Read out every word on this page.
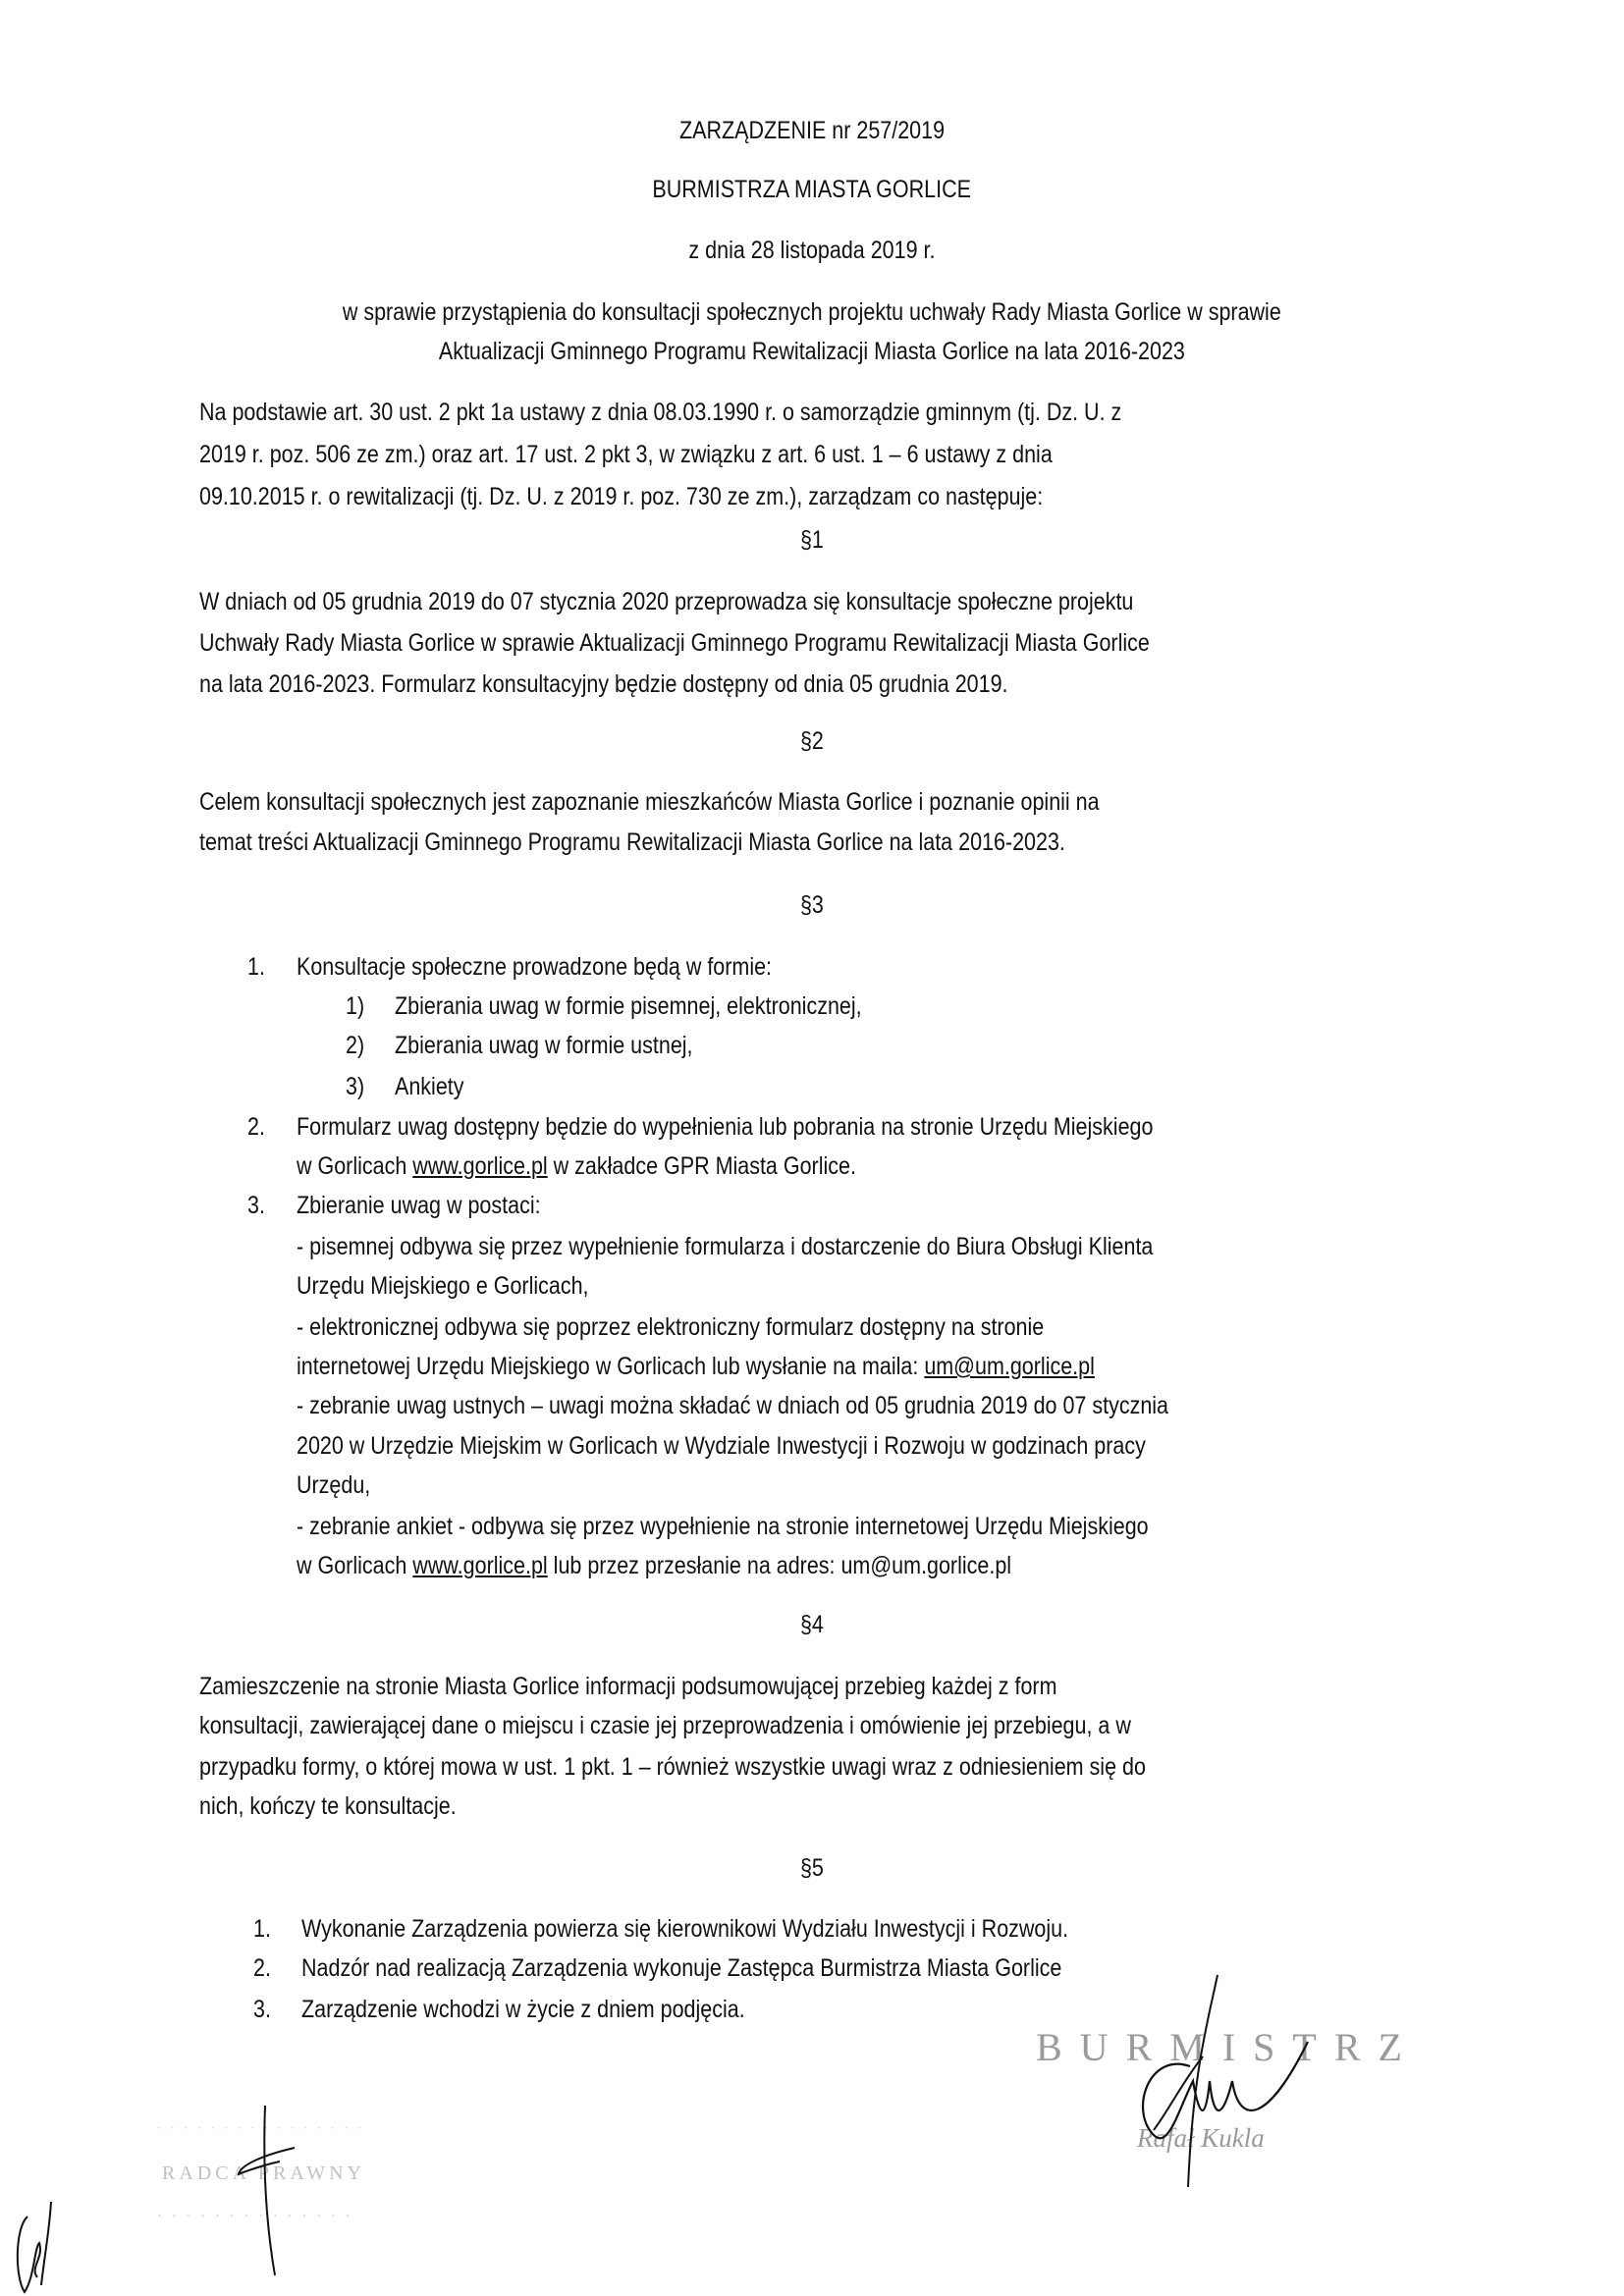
ZARZĄDZENIE nr 257/2019
BURMISTRZA MIASTA GORLICE
z dnia 28 listopada 2019 r.
w sprawie przystąpienia do konsultacji społecznych projektu uchwały Rady Miasta Gorlice w sprawie
Aktualizacji Gminnego Programu Rewitalizacji Miasta Gorlice na lata 2016-2023
Na podstawie art. 30 ust. 2 pkt 1a ustawy z dnia 08.03.1990 r. o samorządzie gminnym (tj. Dz. U. z
2019 r. poz. 506 ze zm.) oraz art. 17 ust. 2 pkt 3, w związku z art. 6 ust. 1 – 6 ustawy z dnia
09.10.2015 r. o rewitalizacji (tj. Dz. U. z 2019 r. poz. 730 ze zm.), zarządzam co następuje:
§1
W dniach od 05 grudnia 2019 do 07 stycznia 2020 przeprowadza się konsultacje społeczne projektu
Uchwały Rady Miasta Gorlice w sprawie Aktualizacji Gminnego Programu Rewitalizacji Miasta Gorlice
na lata 2016-2023. Formularz konsultacyjny będzie dostępny od dnia 05 grudnia 2019.
§2
Celem konsultacji społecznych jest zapoznanie mieszkańców Miasta Gorlice i poznanie opinii na
temat treści Aktualizacji Gminnego Programu Rewitalizacji Miasta Gorlice na lata 2016-2023.
§3
1. Konsultacje społeczne prowadzone będą w formie:
1) Zbierania uwag w formie pisemnej, elektronicznej,
2) Zbierania uwag w formie ustnej,
3) Ankiety
2. Formularz uwag dostępny będzie do wypełnienia lub pobrania na stronie Urzędu Miejskiego
w Gorlicach www.gorlice.pl w zakładce GPR Miasta Gorlice.
3. Zbieranie uwag w postaci:
- pisemnej odbywa się przez wypełnienie formularza i dostarczenie do Biura Obsługi Klienta
Urzędu Miejskiego e Gorlicach,
- elektronicznej odbywa się poprzez elektroniczny formularz dostępny na stronie
internetowej Urzędu Miejskiego w Gorlicach lub wysłanie na maila: um@um.gorlice.pl
- zebranie uwag ustnych – uwagi można składać w dniach od 05 grudnia 2019 do 07 stycznia
2020 w Urzędzie Miejskim w Gorlicach w Wydziale Inwestycji i Rozwoju w godzinach pracy
Urzędu,
- zebranie ankiet - odbywa się przez wypełnienie na stronie internetowej Urzędu Miejskiego
w Gorlicach www.gorlice.pl lub przez przesłanie na adres: um@um.gorlice.pl
§4
Zamieszczenie na stronie Miasta Gorlice informacji podsumowującej przebieg każdej z form
konsultacji, zawierającej dane o miejscu i czasie jej przeprowadzenia i omówienie jej przebiegu, a w
przypadku formy, o której mowa w ust. 1 pkt. 1 – również wszystkie uwagi wraz z odniesieniem się do
nich, kończy te konsultacje.
§5
1. Wykonanie Zarządzenia powierza się kierownikowi Wydziału Inwestycji i Rozwoju.
2. Nadzór nad realizacją Zarządzenia wykonuje Zastępca Burmistrza Miasta Gorlice
3. Zarządzenie wchodzi w życie z dniem podjęcia.
BURMISTRZ
Rafał Kukla
· · · · · · · · · · · · · · · ·
RADCA PRAWNY
· · · · · · · · · · · · · ·
